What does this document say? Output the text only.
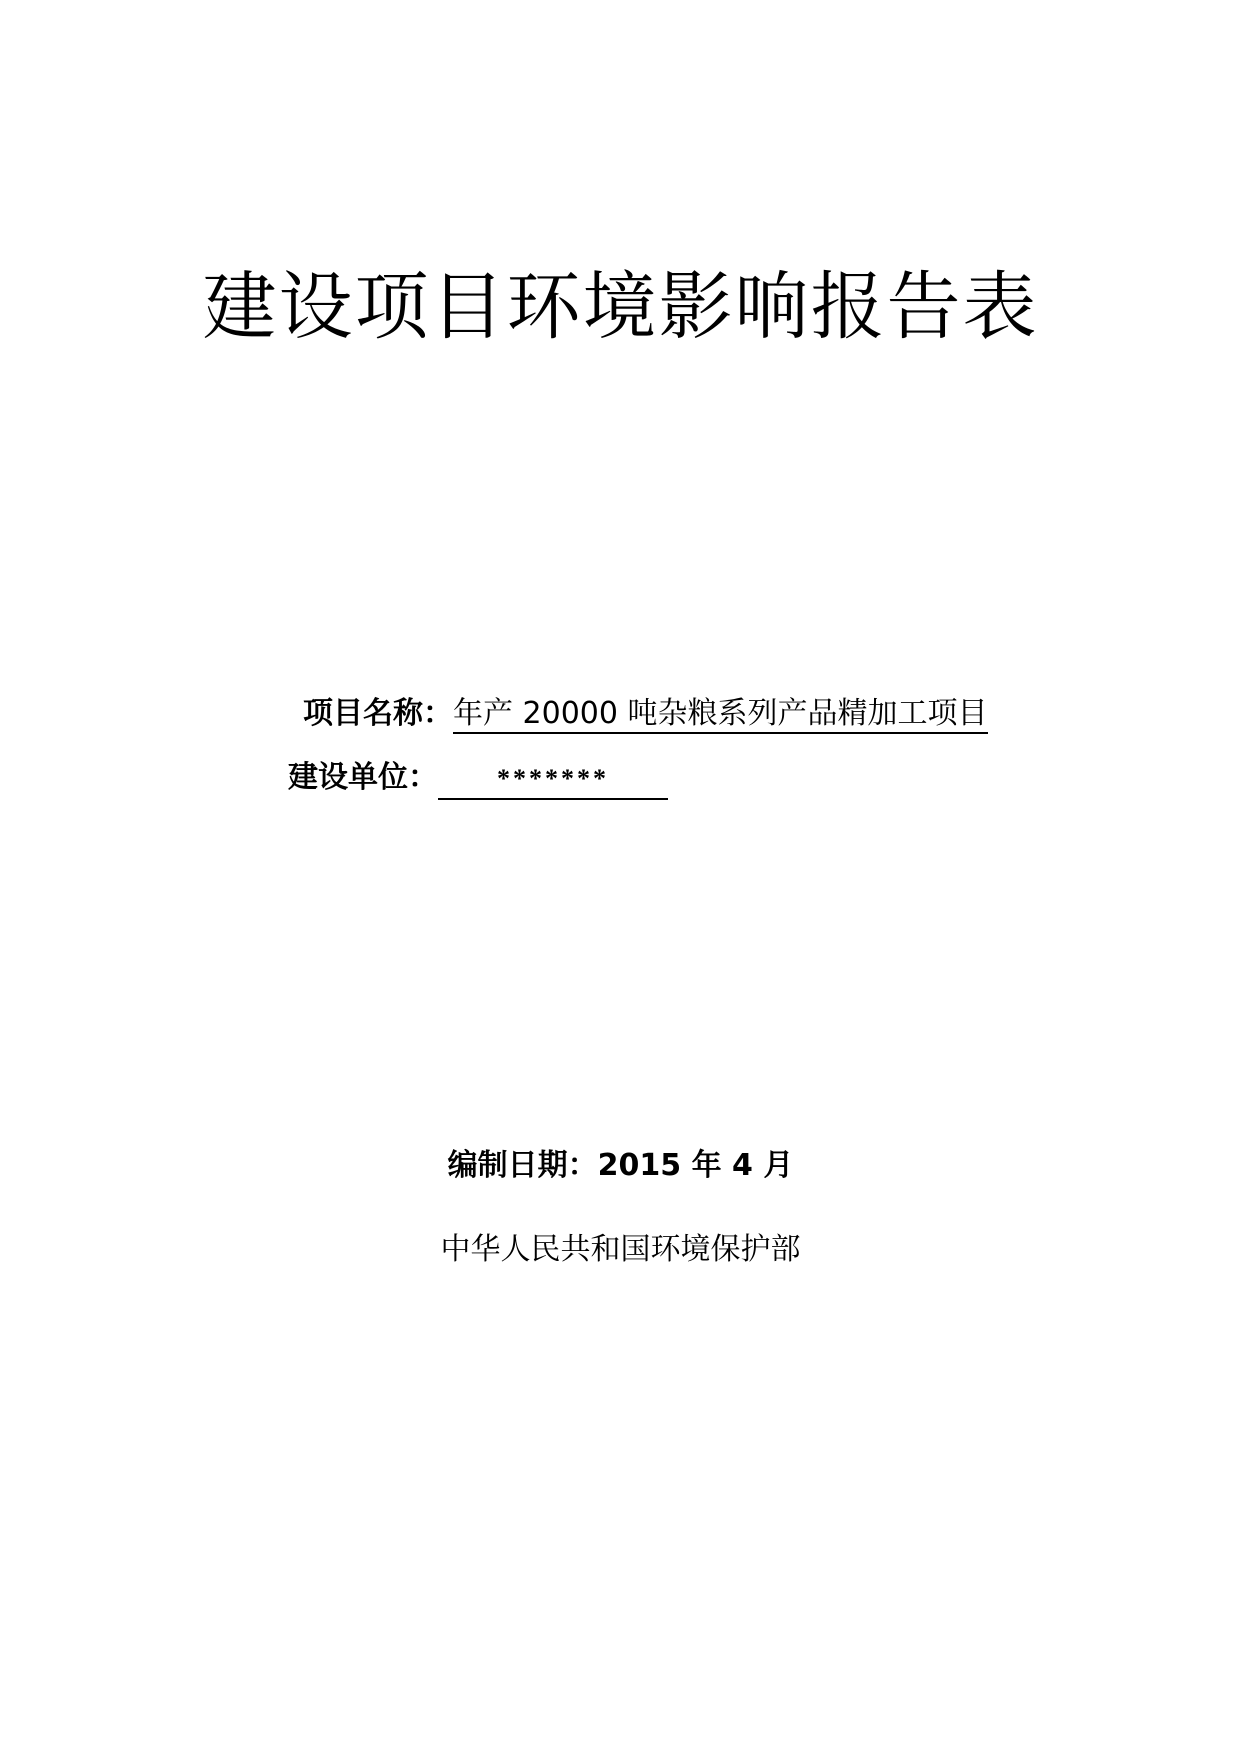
建设项目环境影响报告表
项目名称：年产 20000 吨杂粮系列产品精加工项目
建设单位： *******
编制日期：2015 年 4 月
中华人民共和国环境保护部
